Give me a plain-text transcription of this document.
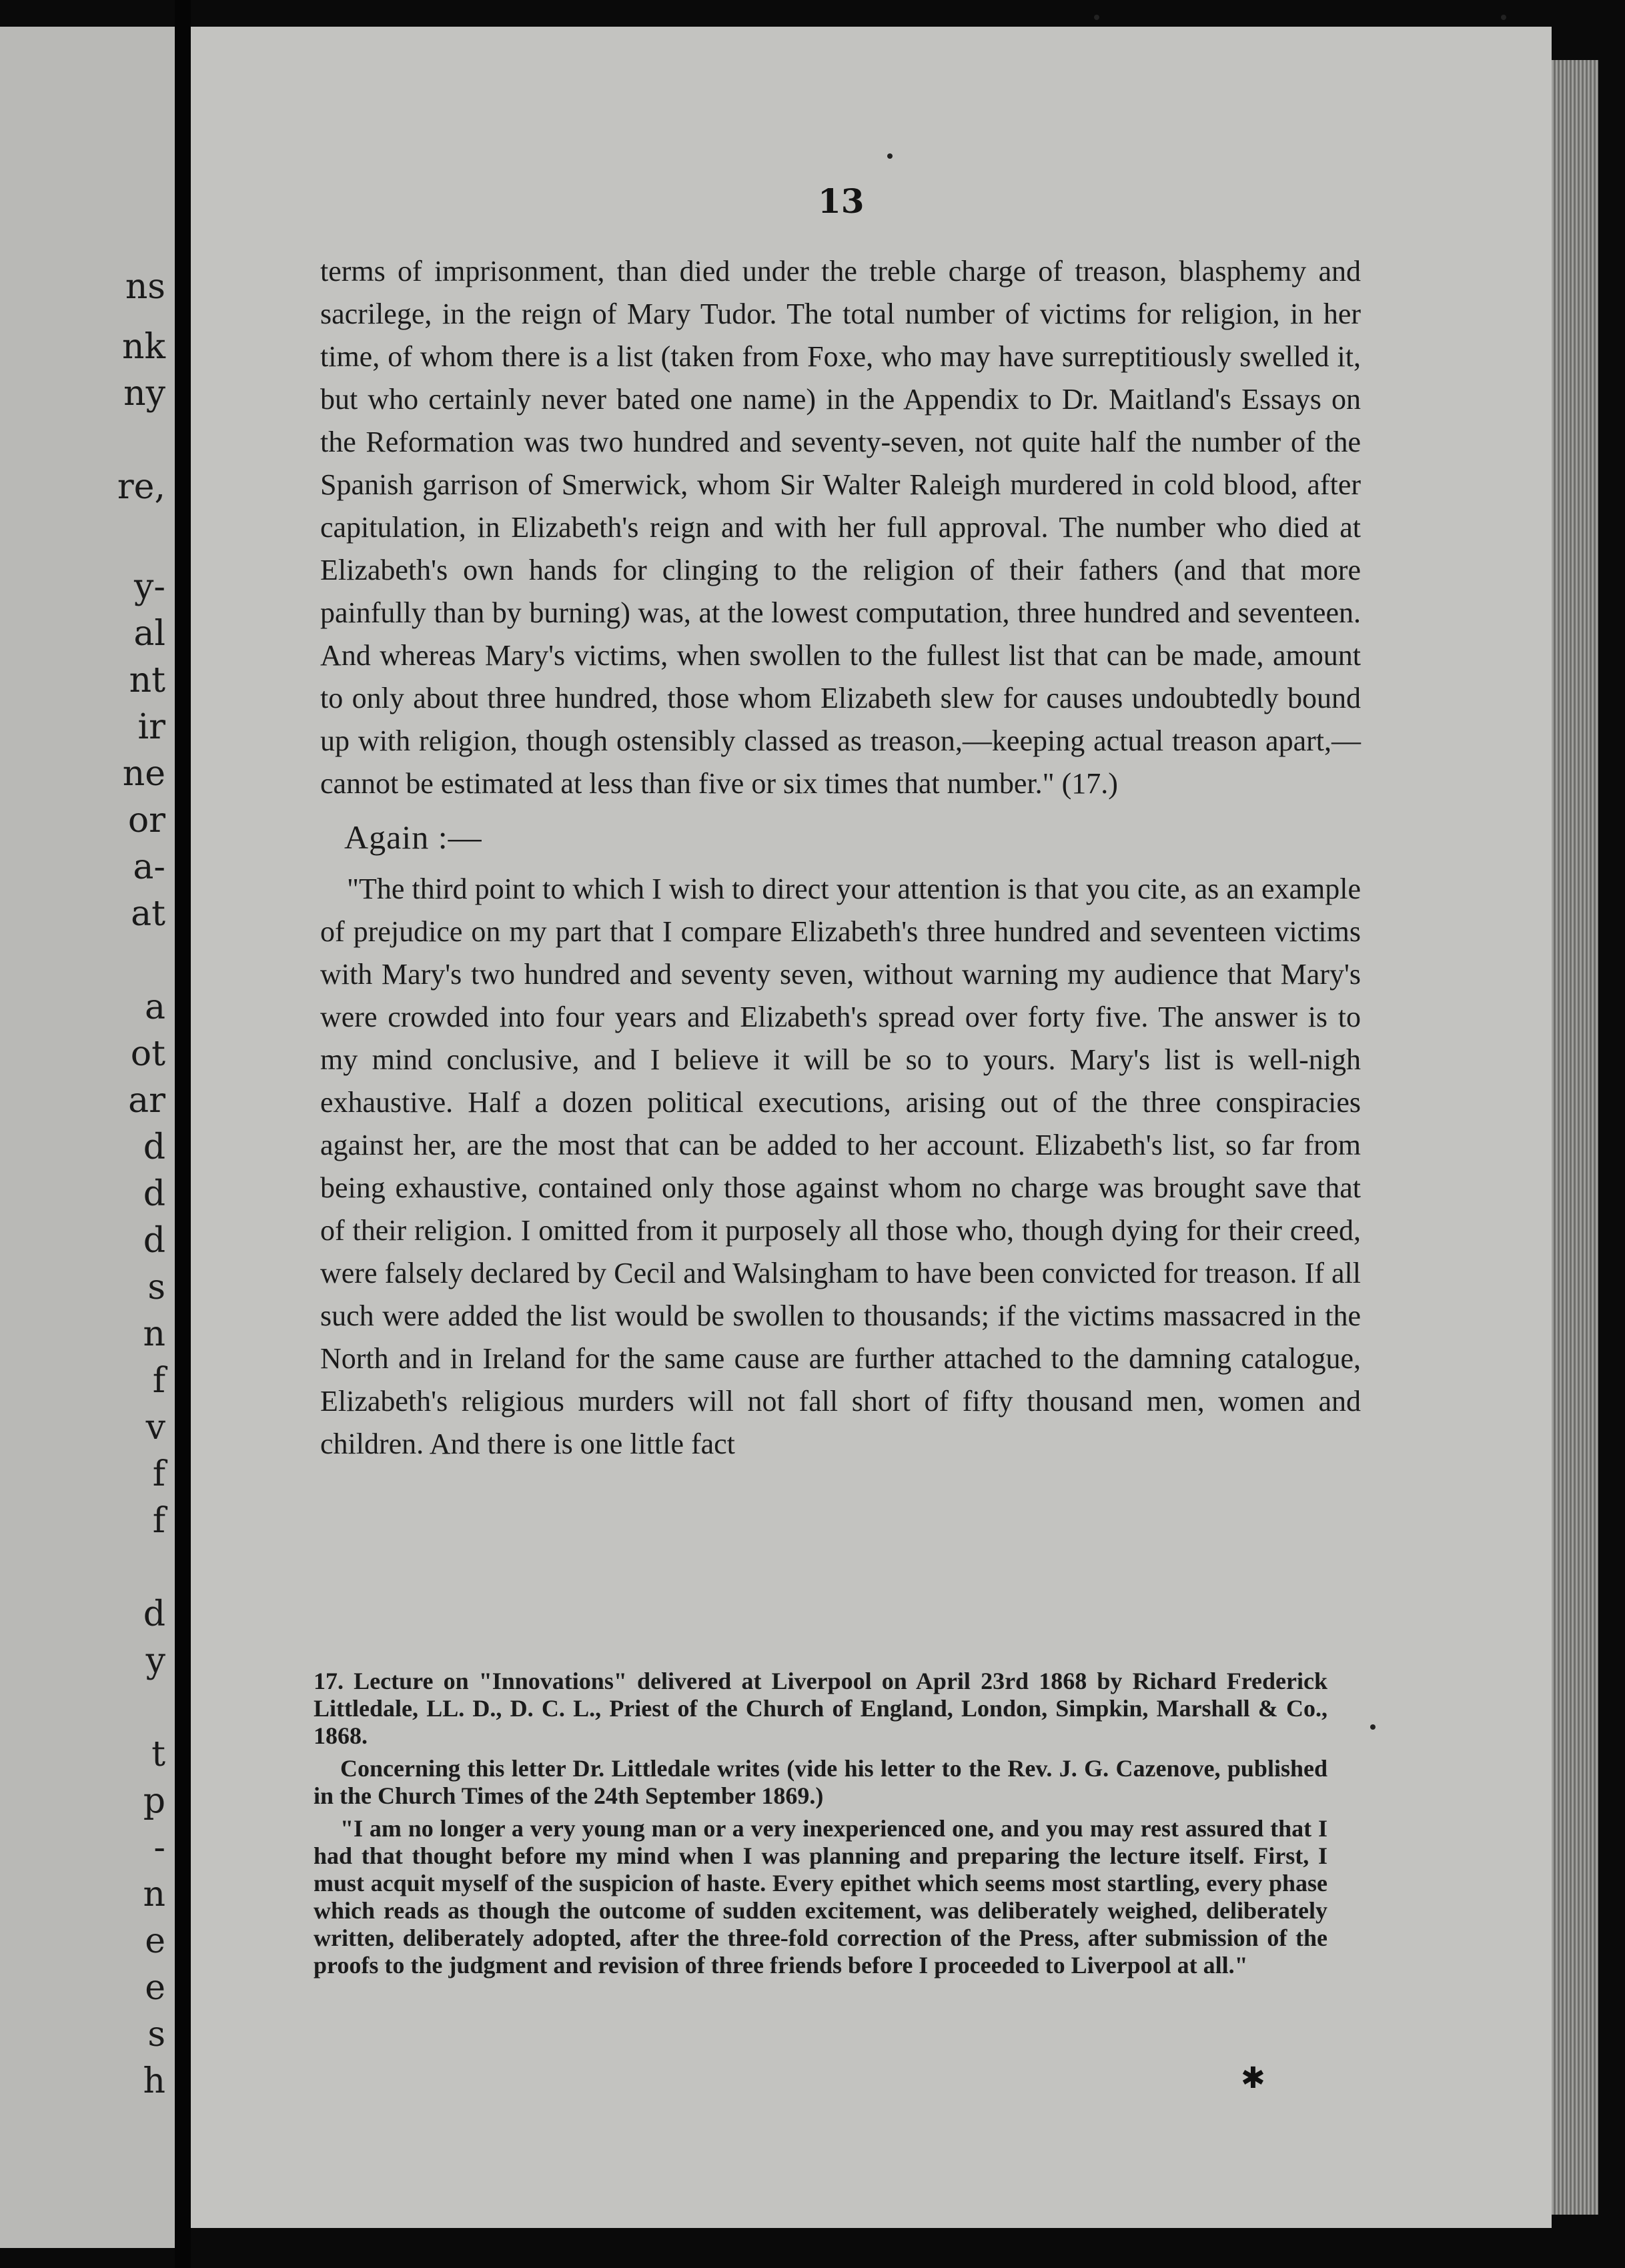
ns
nk
ny
re,
y-
al
nt
ir
ne
or
a-
at
a
ot
ar
d
d
d
s
n
f
v
f
f
d
y
t
p
-
n
e
e
s
h
13

terms of imprisonment, than died under the treble charge of treason, blasphemy and sacrilege, in the reign of Mary Tudor. The total number of victims for religion, in her time, of whom there is a list (taken from Foxe, who may have surreptitiously swelled it, but who certainly never bated one name) in the Appendix to Dr. Maitland's Essays on the Reformation was two hundred and seventy-seven, not quite half the number of the Spanish garrison of Smerwick, whom Sir Walter Raleigh murdered in cold blood, after capitulation, in Elizabeth's reign and with her full approval. The number who died at Elizabeth's own hands for clinging to the religion of their fathers (and that more painfully than by burning) was, at the lowest computation, three hundred and seventeen. And whereas Mary's victims, when swollen to the fullest list that can be made, amount to only about three hundred, those whom Elizabeth slew for causes undoubtedly bound up with religion, though ostensibly classed as treason,—keeping actual treason apart,—cannot be estimated at less than five or six times that number." (17.)

Again :—

"The third point to which I wish to direct your attention is that you cite, as an example of prejudice on my part that I compare Elizabeth's three hundred and seventeen victims with Mary's two hundred and seventy seven, without warning my audience that Mary's were crowded into four years and Elizabeth's spread over forty five. The answer is to my mind conclusive, and I believe it will be so to yours. Mary's list is well-nigh exhaustive. Half a dozen political executions, arising out of the three conspiracies against her, are the most that can be added to her account. Elizabeth's list, so far from being exhaustive, contained only those against whom no charge was brought save that of their religion. I omitted from it purposely all those who, though dying for their creed, were falsely declared by Cecil and Walsingham to have been convicted for treason. If all such were added the list would be swollen to thousands; if the victims massacred in the North and in Ireland for the same cause are further attached to the damning catalogue, Elizabeth's religious murders will not fall short of fifty thousand men, women and children. And there is one little fact

17. Lecture on "Innovations" delivered at Liverpool on April 23rd 1868 by Richard Frederick Littledale, LL. D., D. C. L., Priest of the Church of England, London, Simpkin, Marshall & Co., 1868.

Concerning this letter Dr. Littledale writes (vide his letter to the Rev. J. G. Cazenove, published in the Church Times of the 24th September 1869.)

"I am no longer a very young man or a very inexperienced one, and you may rest assured that I had that thought before my mind when I was planning and preparing the lecture itself. First, I must acquit myself of the suspicion of haste. Every epithet which seems most startling, every phase which reads as though the outcome of sudden excitement, was deliberately weighed, deliberately written, deliberately adopted, after the three-fold correction of the Press, after submission of the proofs to the judgment and revision of three friends before I proceeded to Liverpool at all."

✱
